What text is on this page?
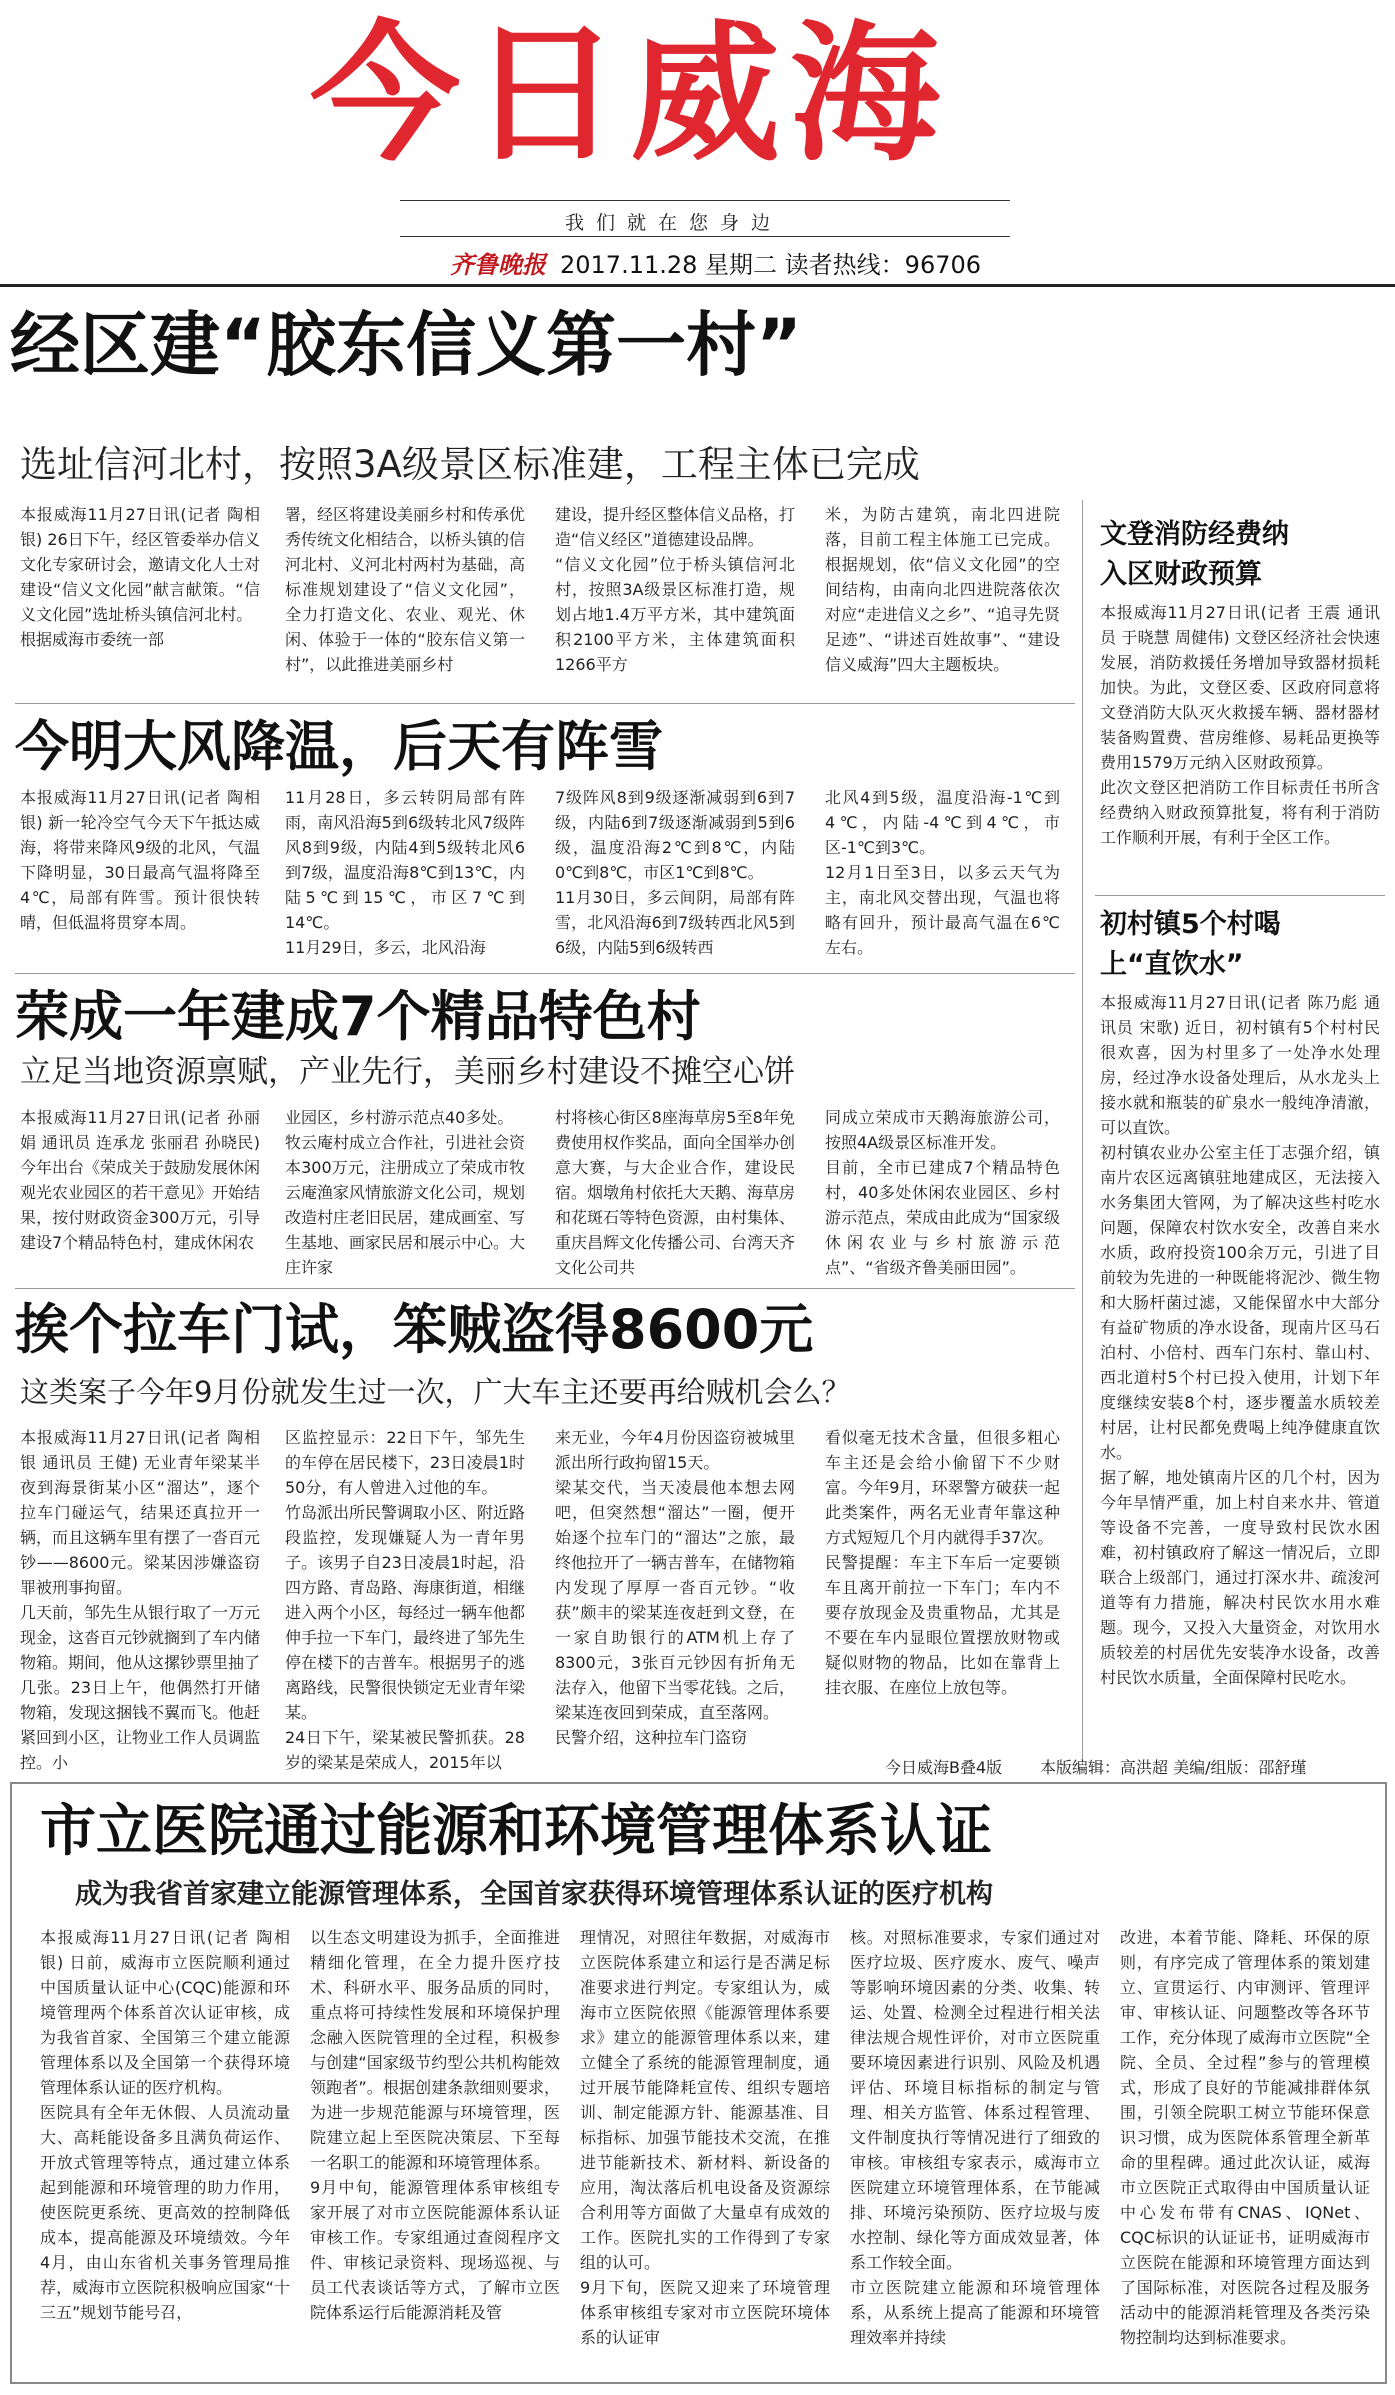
今日威海
我们就在您身边
齐鲁晚报 2017.11.28 星期二 读者热线：96706
经区建“胶东信义第一村”
选址信河北村，按照3A级景区标准建，工程主体已完成
本报威海11月27日讯(记者 陶相银) 26日下午，经区管委举办信义文化专家研讨会，邀请文化人士对建设“信义文化园”献言献策。“信义文化园”选址桥头镇信河北村。
根据威海市委统一部
署，经区将建设美丽乡村和传承优秀传统文化相结合，以桥头镇的信河北村、义河北村两村为基础，高标准规划建设了“信义文化园”，全力打造文化、农业、观光、休闲、体验于一体的“胶东信义第一村”，以此推进美丽乡村
建设，提升经区整体信义品格，打造“信义经区”道德建设品牌。
“信义文化园”位于桥头镇信河北村，按照3A级景区标准打造，规划占地1.4万平方米，其中建筑面积2100平方米，主体建筑面积1266平方
米，为防古建筑，南北四进院落，目前工程主体施工已完成。根据规划，依“信义文化园”的空间结构，由南向北四进院落依次对应“走进信义之乡”、“追寻先贤足迹”、“讲述百姓故事”、“建设信义威海”四大主题板块。
今明大风降温，后天有阵雪
本报威海11月27日讯(记者 陶相银) 新一轮冷空气今天下午抵达威海，将带来降风9级的北风，气温下降明显，30日最高气温将降至4℃，局部有阵雪。预计很快转晴，但低温将贯穿本周。
11月28日，多云转阴局部有阵雨，南风沿海5到6级转北风7级阵风8到9级，内陆4到5级转北风6到7级，温度沿海8℃到13℃，内陆5℃到15℃，市区7℃到14℃。
11月29日，多云，北风沿海
7级阵风8到9级逐渐减弱到6到7级，内陆6到7级逐渐减弱到5到6级，温度沿海2℃到8℃，内陆0℃到8℃，市区1℃到8℃。
11月30日，多云间阴，局部有阵雪，北风沿海6到7级转西北风5到6级，内陆5到6级转西
北风4到5级，温度沿海-1℃到4℃，内陆-4℃到4℃，市区-1℃到3℃。
12月1日至3日，以多云天气为主，南北风交替出现，气温也将略有回升，预计最高气温在6℃左右。
荣成一年建成7个精品特色村
立足当地资源禀赋，产业先行，美丽乡村建设不摊空心饼
本报威海11月27日讯(记者 孙丽娟 通讯员 连承龙 张丽君 孙晓民) 今年出台《荣成关于鼓励发展休闲观光农业园区的若干意见》开始结果，按付财政资金300万元，引导建设7个精品特色村，建成休闲农
业园区，乡村游示范点40多处。
牧云庵村成立合作社，引进社会资本300万元，注册成立了荣成市牧云庵渔家风情旅游文化公司，规划改造村庄老旧民居，建成画室、写生基地、画家民居和展示中心。大庄许家
村将核心街区8座海草房5至8年免费使用权作奖品，面向全国举办创意大赛，与大企业合作，建设民宿。烟墩角村依托大天鹅、海草房和花斑石等特色资源，由村集体、重庆昌辉文化传播公司、台湾天齐文化公司共
同成立荣成市天鹅海旅游公司，按照4A级景区标准开发。
目前，全市已建成7个精品特色村，40多处休闲农业园区、乡村游示范点，荣成由此成为“国家级休闲农业与乡村旅游示范点”、“省级齐鲁美丽田园”。
挨个拉车门试，笨贼盗得8600元
这类案子今年9月份就发生过一次，广大车主还要再给贼机会么？
本报威海11月27日讯(记者 陶相银 通讯员 王健) 无业青年梁某半夜到海景街某小区“溜达”，逐个拉车门碰运气，结果还真拉开一辆，而且这辆车里有摆了一沓百元钞——8600元。梁某因涉嫌盗窃罪被刑事拘留。
几天前，邹先生从银行取了一万元现金，这沓百元钞就搁到了车内储物箱。期间，他从这摞钞票里抽了几张。23日上午，他偶然打开储物箱，发现这捆钱不翼而飞。他赶紧回到小区，让物业工作人员调监控。小
区监控显示：22日下午，邹先生的车停在居民楼下，23日凌晨1时50分，有人曾进入过他的车。
竹岛派出所民警调取小区、附近路段监控，发现嫌疑人为一青年男子。该男子自23日凌晨1时起，沿四方路、青岛路、海康街道，相继进入两个小区，每经过一辆车他都伸手拉一下车门，最终进了邹先生停在楼下的吉普车。根据男子的逃离路线，民警很快锁定无业青年梁某。
24日下午，梁某被民警抓获。28岁的梁某是荣成人，2015年以
来无业，今年4月份因盗窃被城里派出所行政拘留15天。
梁某交代，当天凌晨他本想去网吧，但突然想“溜达”一圈，便开始逐个拉车门的“溜达”之旅，最终他拉开了一辆吉普车，在储物箱内发现了厚厚一沓百元钞。“收获”颇丰的梁某连夜赶到文登，在一家自助银行的ATM机上存了8300元，3张百元钞因有折角无法存入，他留下当零花钱。之后，梁某连夜回到荣成，直至落网。
民警介绍，这种拉车门盗窃
看似毫无技术含量，但很多粗心车主还是会给小偷留下不少财富。今年9月，环翠警方破获一起此类案件，两名无业青年靠这种方式短短几个月内就得手37次。
民警提醒：车主下车后一定要锁车且离开前拉一下车门；车内不要存放现金及贵重物品，尤其是不要在车内显眼位置摆放财物或疑似财物的物品，比如在靠背上挂衣服、在座位上放包等。
文登消防经费纳入区财政预算
本报威海11月27日讯(记者 王震 通讯员 于晓慧 周健伟) 文登区经济社会快速发展，消防救援任务增加导致器材损耗加快。为此，文登区委、区政府同意将文登消防大队灭火救援车辆、器材器材装备购置费、营房维修、易耗品更换等费用1579万元纳入区财政预算。
此次文登区把消防工作目标责任书所含经费纳入财政预算批复，将有利于消防工作顺利开展，有利于全区工作。
初村镇5个村喝上“直饮水”
本报威海11月27日讯(记者 陈乃彪 通讯员 宋歌) 近日，初村镇有5个村村民很欢喜，因为村里多了一处净水处理房，经过净水设备处理后，从水龙头上接水就和瓶装的矿泉水一般纯净清澈，可以直饮。
初村镇农业办公室主任丁志强介绍，镇南片农区远离镇驻地建成区，无法接入水务集团大管网，为了解决这些村吃水问题，保障农村饮水安全，改善自来水水质，政府投资100余万元，引进了目前较为先进的一种既能将泥沙、微生物和大肠杆菌过滤，又能保留水中大部分有益矿物质的净水设备，现南片区马石泊村、小倍村、西车门东村、靠山村、西北道村5个村已投入使用，计划下年度继续安装8个村，逐步覆盖水质较差村居，让村民都免费喝上纯净健康直饮水。
据了解，地处镇南片区的几个村，因为今年旱情严重，加上村自来水井、管道等设备不完善，一度导致村民饮水困难，初村镇政府了解这一情况后，立即联合上级部门，通过打深水井、疏浚河道等有力措施，解决村民饮水用水难题。现今，又投入大量资金，对饮用水质较差的村居优先安装净水设备，改善村民饮水质量，全面保障村民吃水。
今日威海B叠4版 本版编辑：高洪超 美编/组版：邵舒瑾
市立医院通过能源和环境管理体系认证
成为我省首家建立能源管理体系，全国首家获得环境管理体系认证的医疗机构
本报威海11月27日讯(记者 陶相银) 日前，威海市立医院顺利通过中国质量认证中心(CQC)能源和环境管理两个体系首次认证审核，成为我省首家、全国第三个建立能源管理体系以及全国第一个获得环境管理体系认证的医疗机构。
医院具有全年无休假、人员流动量大、高耗能设备多且满负荷运作、开放式管理等特点，通过建立体系起到能源和环境管理的助力作用，使医院更系统、更高效的控制降低成本，提高能源及环境绩效。今年4月，由山东省机关事务管理局推荐，威海市立医院积极响应国家“十三五”规划节能号召，
以生态文明建设为抓手，全面推进精细化管理，在全力提升医疗技术、科研水平、服务品质的同时，重点将可持续性发展和环境保护理念融入医院管理的全过程，积极参与创建“国家级节约型公共机构能效领跑者”。根据创建条款细则要求，为进一步规范能源与环境管理，医院建立起上至医院决策层、下至每一名职工的能源和环境管理体系。
9月中旬，能源管理体系审核组专家开展了对市立医院能源体系认证审核工作。专家组通过查阅程序文件、审核记录资料、现场巡视、与员工代表谈话等方式，了解市立医院体系运行后能源消耗及管
理情况，对照往年数据，对威海市立医院体系建立和运行是否满足标准要求进行判定。专家组认为，威海市立医院依照《能源管理体系要求》建立的能源管理体系以来，建立健全了系统的能源管理制度，通过开展节能降耗宣传、组织专题培训、制定能源方针、能源基准、目标指标、加强节能技术交流，在推进节能新技术、新材料、新设备的应用，淘汰落后机电设备及资源综合利用等方面做了大量卓有成效的工作。医院扎实的工作得到了专家组的认可。
9月下旬，医院又迎来了环境管理体系审核组专家对市立医院环境体系的认证审
核。对照标准要求，专家们通过对医疗垃圾、医疗废水、废气、噪声等影响环境因素的分类、收集、转运、处置、检测全过程进行相关法律法规合规性评价，对市立医院重要环境因素进行识别、风险及机遇评估、环境目标指标的制定与管理、相关方监管、体系过程管理、文件制度执行等情况进行了细致的审核。审核组专家表示，威海市立医院建立环境管理体系，在节能减排、环境污染预防、医疗垃圾与废水控制、绿化等方面成效显著，体系工作较全面。
市立医院建立能源和环境管理体系，从系统上提高了能源和环境管理效率并持续
改进，本着节能、降耗、环保的原则，有序完成了管理体系的策划建立、宣贯运行、内审测评、管理评审、审核认证、问题整改等各环节工作，充分体现了威海市立医院“全院、全员、全过程”参与的管理模式，形成了良好的节能减排群体氛围，引领全院职工树立节能环保意识习惯，成为医院体系管理全新革命的里程碑。通过此次认证，威海市立医院正式取得由中国质量认证中心发布带有CNAS、IQNet、CQC标识的认证证书，证明威海市立医院在能源和环境管理方面达到了国际标准，对医院各过程及服务活动中的能源消耗管理及各类污染物控制均达到标准要求。
